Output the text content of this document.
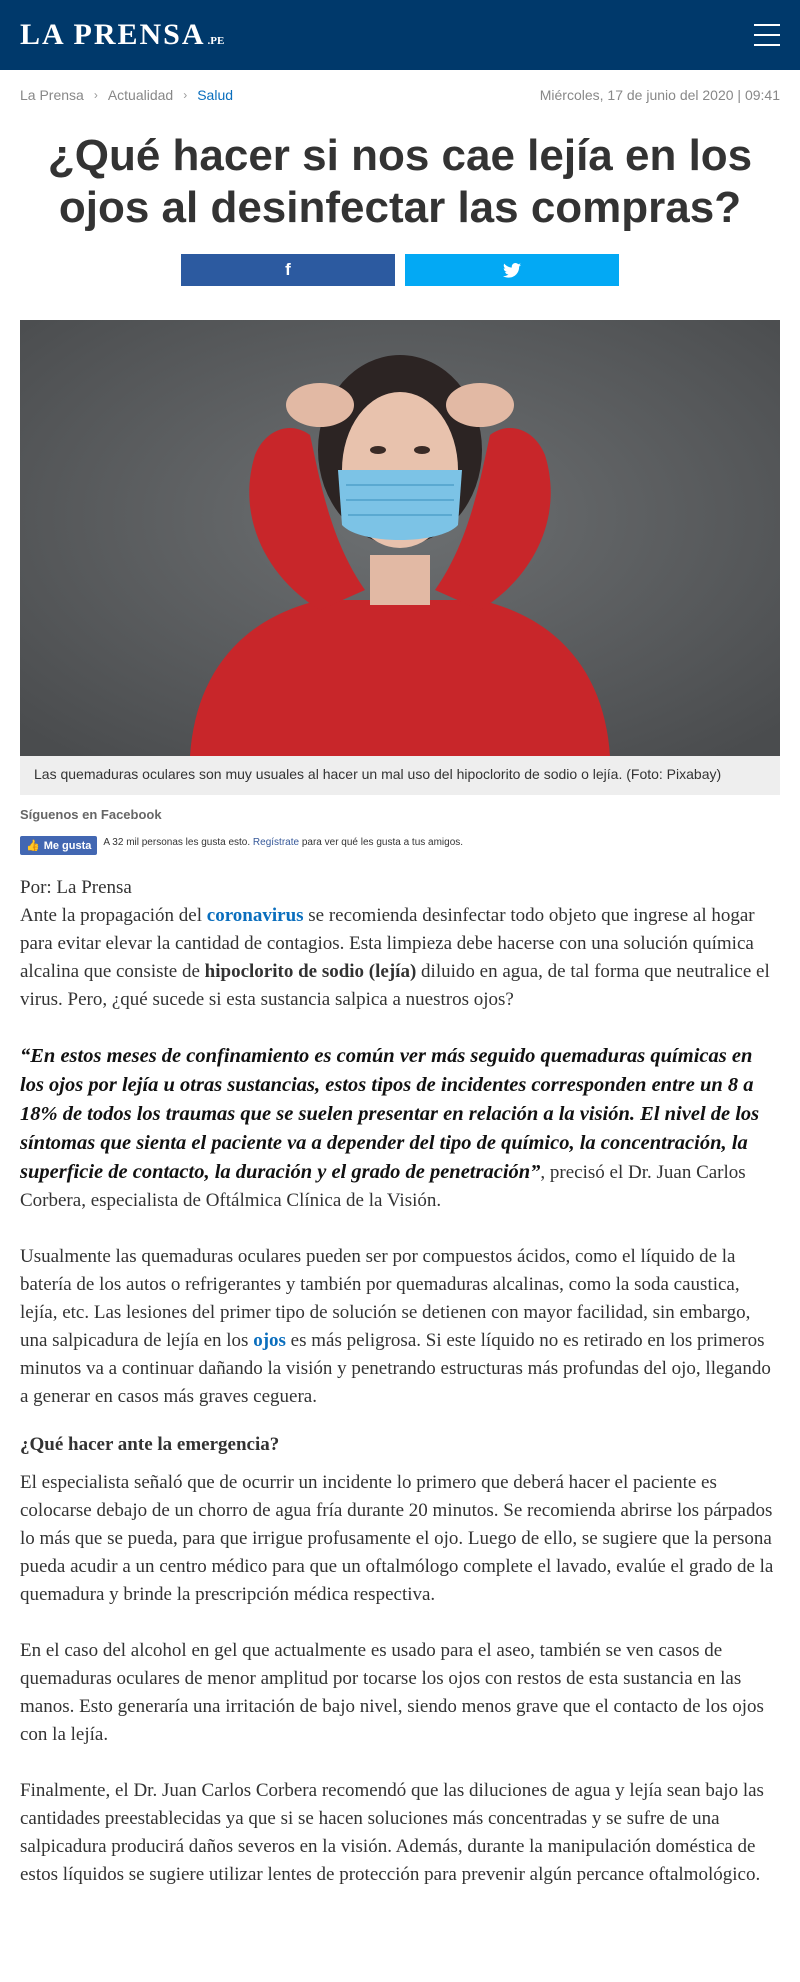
LA PRENSA .PE
La Prensa › Actualidad › Salud	Miércoles, 17 de junio del 2020 | 09:41
¿Qué hacer si nos cae lejía en los ojos al desinfectar las compras?
f
Las quemaduras oculares son muy usuales al hacer un mal uso del hipoclorito de sodio o lejía. (Foto: Pixabay)
Síguenos en Facebook
👍 Me gusta A 32 mil personas les gusta esto. Regístrate para ver qué les gusta a tus amigos.

Por: La Prensa

Ante la propagación del coronavirus se recomienda desinfectar todo objeto que ingrese al hogar para evitar elevar la cantidad de contagios. Esta limpieza debe hacerse con una solución química alcalina que consiste de hipoclorito de sodio (lejía) diluido en agua, de tal forma que neutralice el virus. Pero, ¿qué sucede si esta sustancia salpica a nuestros ojos?

“En estos meses de confinamiento es común ver más seguido quemaduras químicas en los ojos por lejía u otras sustancias, estos tipos de incidentes corresponden entre un 8 a 18% de todos los traumas que se suelen presentar en relación a la visión. El nivel de los síntomas que sienta el paciente va a depender del tipo de químico, la concentración, la superficie de contacto, la duración y el grado de penetración”, precisó el Dr. Juan Carlos Corbera, especialista de Oftálmica Clínica de la Visión.

Usualmente las quemaduras oculares pueden ser por compuestos ácidos, como el líquido de la batería de los autos o refrigerantes y también por quemaduras alcalinas, como la soda caustica, lejía, etc. Las lesiones del primer tipo de solución se detienen con mayor facilidad, sin embargo, una salpicadura de lejía en los ojos es más peligrosa. Si este líquido no es retirado en los primeros minutos va a continuar dañando la visión y penetrando estructuras más profundas del ojo, llegando a generar en casos más graves ceguera.

¿Qué hacer ante la emergencia?

El especialista señaló que de ocurrir un incidente lo primero que deberá hacer el paciente es colocarse debajo de un chorro de agua fría durante 20 minutos. Se recomienda abrirse los párpados lo más que se pueda, para que irrigue profusamente el ojo. Luego de ello, se sugiere que la persona pueda acudir a un centro médico para que un oftalmólogo complete el lavado, evalúe el grado de la quemadura y brinde la prescripción médica respectiva.

En el caso del alcohol en gel que actualmente es usado para el aseo, también se ven casos de quemaduras oculares de menor amplitud por tocarse los ojos con restos de esta sustancia en las manos. Esto generaría una irritación de bajo nivel, siendo menos grave que el contacto de los ojos con la lejía.

Finalmente, el Dr. Juan Carlos Corbera recomendó que las diluciones de agua y lejía sean bajo las cantidades preestablecidas ya que si se hacen soluciones más concentradas y se sufre de una salpicadura producirá daños severos en la visión. Además, durante la manipulación doméstica de estos líquidos se sugiere utilizar lentes de protección para prevenir algún percance oftalmológico.
